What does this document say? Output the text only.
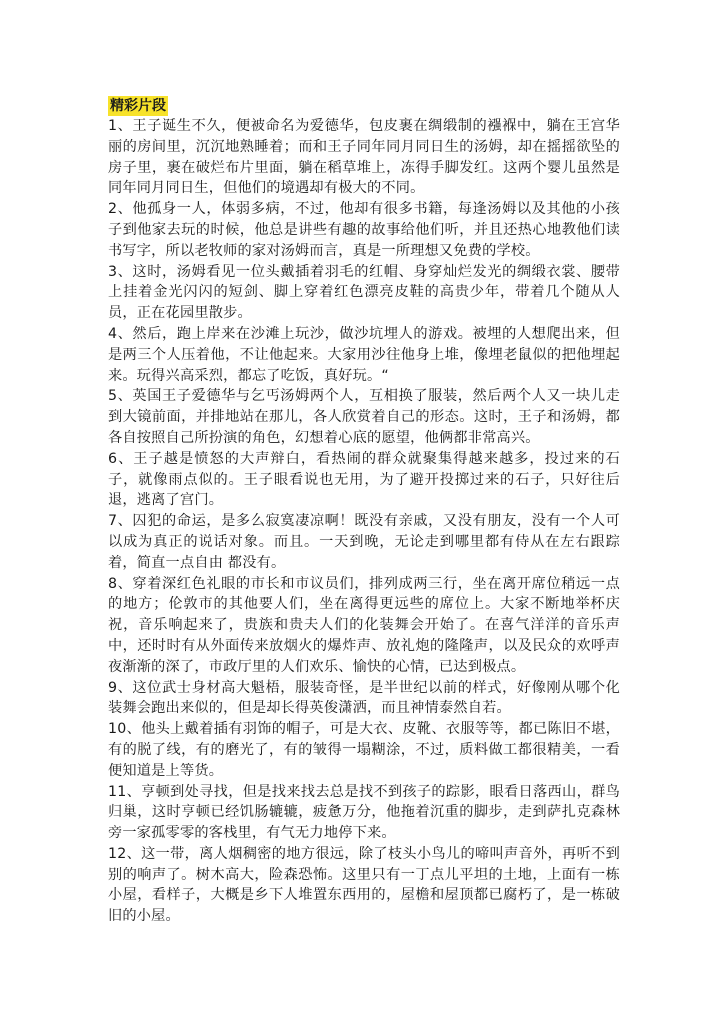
精彩片段

1、王子诞生不久，便被命名为爱德华，包皮裹在绸缎制的襁褓中，躺在王宫华丽的房间里，沉沉地熟睡着；而和王子同年同月同日生的汤姆，却在摇摇欲坠的房子里，裹在破烂布片里面，躺在稻草堆上，冻得手脚发红。这两个婴儿虽然是同年同月同日生，但他们的境遇却有极大的不同。

2、他孤身一人，体弱多病，不过，他却有很多书籍，每逢汤姆以及其他的小孩子到他家去玩的时候，他总是讲些有趣的故事给他们听，并且还热心地教他们读书写字，所以老牧师的家对汤姆而言，真是一所理想又免费的学校。

3、这时，汤姆看见一位头戴插着羽毛的红帽、身穿灿烂发光的绸缎衣裳、腰带上挂着金光闪闪的短剑、脚上穿着红色漂亮皮鞋的高贵少年，带着几个随从人员，正在花园里散步。

4、然后，跑上岸来在沙滩上玩沙，做沙坑埋人的游戏。被埋的人想爬出来，但是两三个人压着他，不让他起来。大家用沙往他身上堆，像埋老鼠似的把他埋起来。玩得兴高采烈，都忘了吃饭，真好玩。“

5、英国王子爱德华与乞丐汤姆两个人，互相换了服装，然后两个人又一块儿走到大镜前面，并排地站在那儿，各人欣赏着自己的形态。这时，王子和汤姆，都各自按照自己所扮演的角色，幻想着心底的愿望，他俩都非常高兴。

6、王子越是愤怒的大声辩白，看热闹的群众就聚集得越来越多，投过来的石子，就像雨点似的。王子眼看说也无用，为了避开投掷过来的石子，只好往后退，逃离了宫门。

7、囚犯的命运，是多么寂寞凄凉啊！既没有亲戚，又没有朋友，没有一个人可以成为真正的说话对象。而且。一天到晚，无论走到哪里都有侍从在左右跟踪着，简直一点自由 都没有。

8、穿着深红色礼眼的市长和市议员们，排列成两三行，坐在离开席位稍远一点的地方；伦敦市的其他要人们，坐在离得更远些的席位上。大家不断地举杯庆祝，音乐响起来了，贵族和贵夫人们的化装舞会开始了。在喜气洋洋的音乐声中，还时时有从外面传来放烟火的爆炸声、放礼炮的隆隆声，以及民众的欢呼声夜渐渐的深了，市政厅里的人们欢乐、愉快的心情，已达到极点。

9、这位武士身材高大魁梧，服装奇怪，是半世纪以前的样式，好像刚从哪个化装舞会跑出来似的，但是却长得英俊潇洒，而且神情泰然自若。

10、他头上戴着插有羽饰的帽子，可是大衣、皮靴、衣服等等，都已陈旧不堪，有的脱了线，有的磨光了，有的皱得一塌糊涂，不过，质料做工都很精美，一看便知道是上等货。

11、亨顿到处寻找，但是找来找去总是找不到孩子的踪影，眼看日落西山，群鸟归巢，这时亨顿已经饥肠辘辘，疲惫万分，他拖着沉重的脚步，走到萨扎克森林旁一家孤零零的客栈里，有气无力地停下来。

12、这一带，离人烟稠密的地方很远，除了枝头小鸟儿的啼叫声音外，再听不到别的响声了。树木高大，险森恐怖。这里只有一丁点儿平坦的土地，上面有一栋小屋，看样子，大概是乡下人堆置东西用的，屋檐和屋顶都已腐朽了，是一栋破旧的小屋。
